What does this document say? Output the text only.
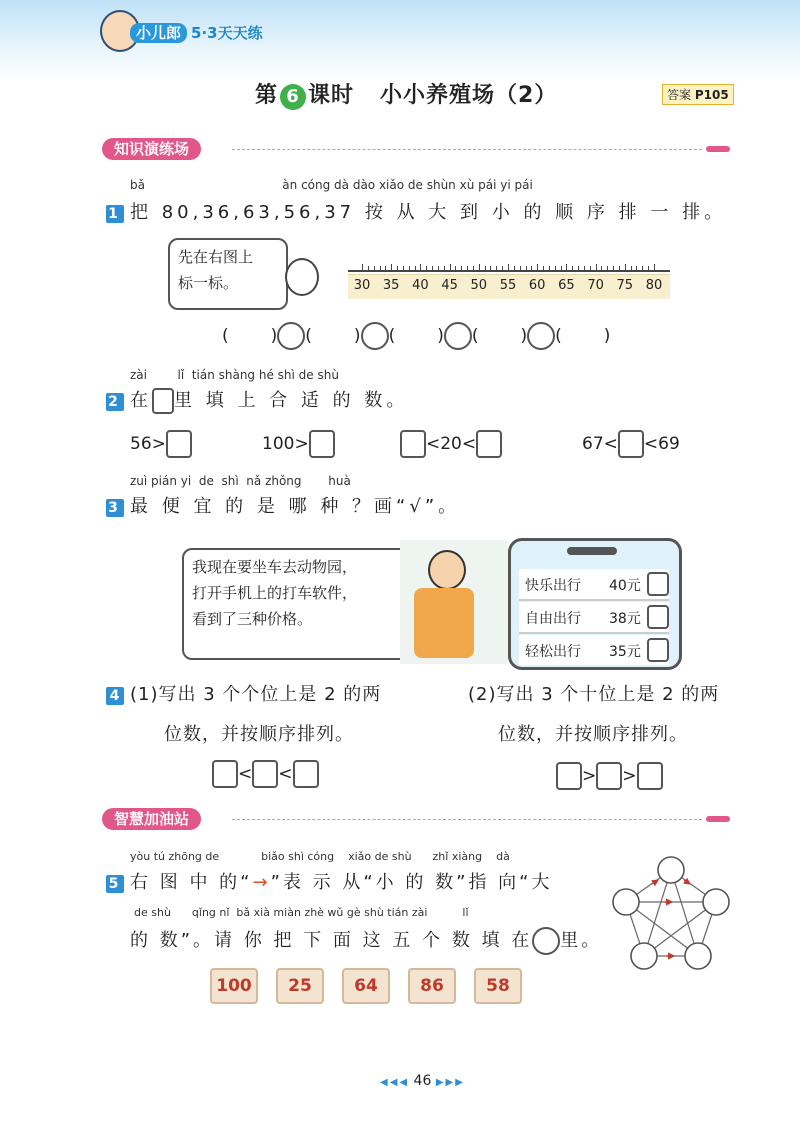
小儿郎 5·3天天练
第 6 课时 小小养殖场（2）	答案 P105
知识演练场
bǎ                                    àn cóng dà dào xiǎo de shùn xù pái yi pái
1 把 80,36,63,56,37 按 从 大 到 小 的 顺 序 排 一 排。
先在右图上
标一标。	30 35 40 45 50 55 60 65 70 75 80
( ) ( ) ( ) ( ) ( )
zài        lǐ  tián shàng hé shì de shù
2 在 里 填 上 合 适 的 数。
56>	100>	<20<	67< <69
zuì pián yi  de  shì  nǎ zhǒng       huà
3 最 便 宜 的 是 哪 种 ？画“√”。
我现在要坐车去动物园，
打开手机上的打车软件，
看到了三种价格。
快乐出行 40元
自由出行 38元
轻松出行 35元
4 (1)写出 3 个个位上是 2 的两
位数，并按顺序排列。
(2)写出 3 个十位上是 2 的两
位数，并按顺序排列。
< <	> >
智慧加油站
yòu tú zhōng de            biǎo shì cóng    xiǎo de shù      zhǐ xiàng    dà
5 右 图 中 的“→”表 示 从“小 的 数”指 向“大
de shù      qǐng nǐ  bǎ xià miàn zhè wǔ gè shù tián zài          lǐ
的 数”。请 你 把 下 面 这 五 个 数 填 在 里。
100	25	64	86	58
◀◀◀ 46 ▶▶▶
